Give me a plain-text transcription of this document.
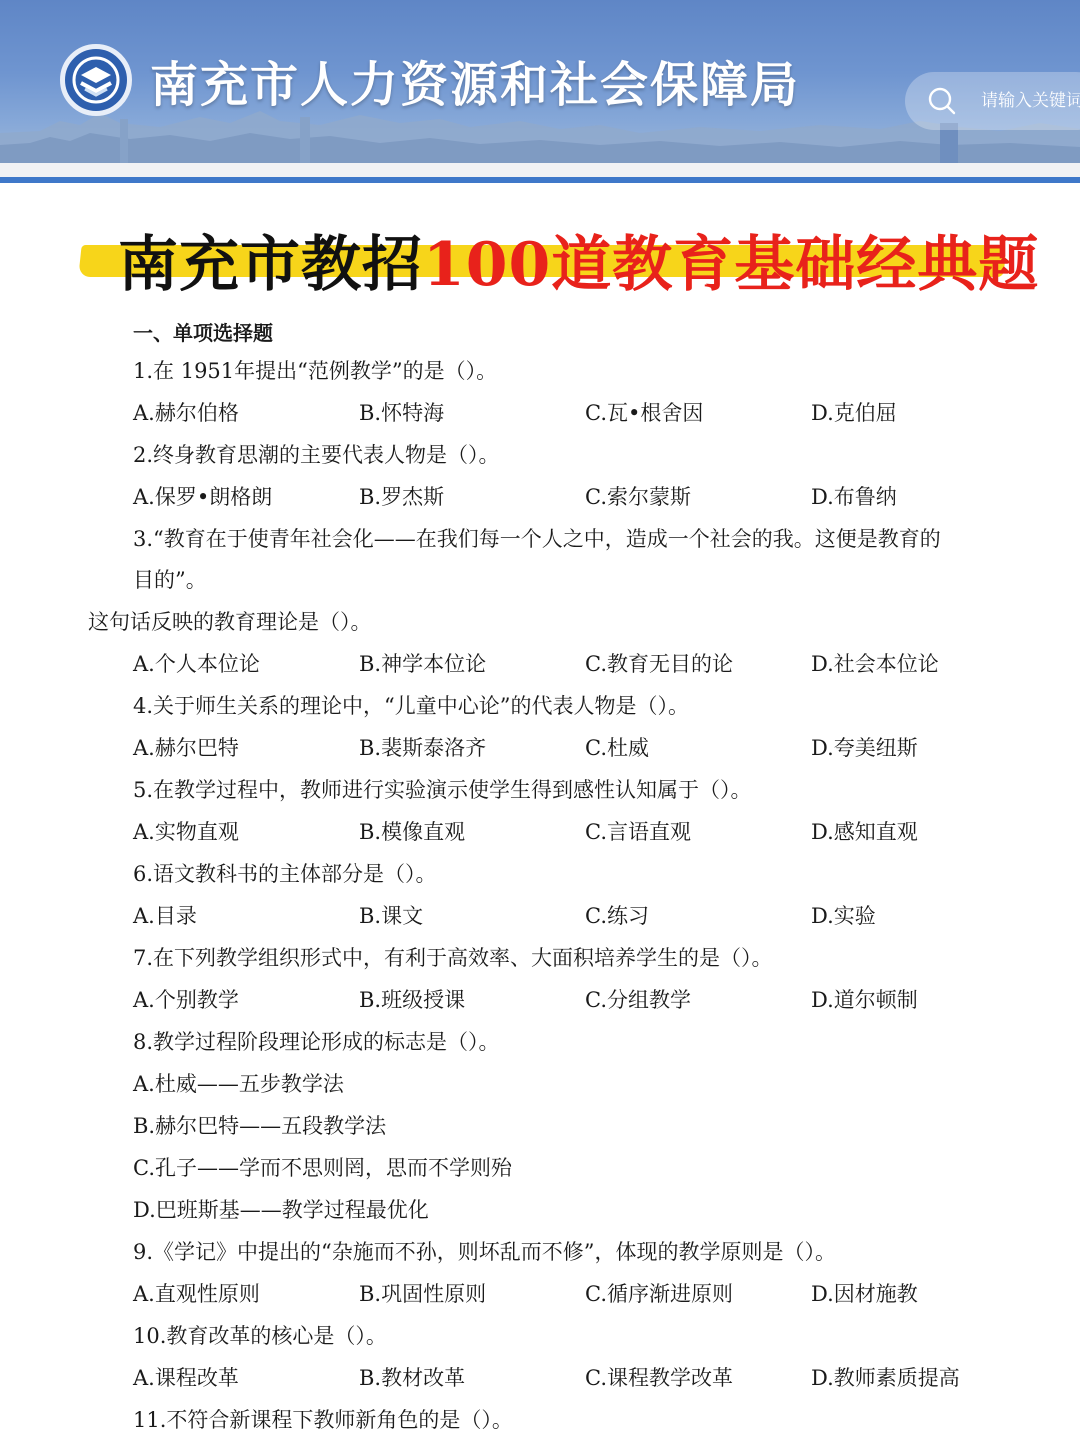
南充市人力资源和社会保障局
请输入关键词
南充市教招100道教育基础经典题
一、单项选择题
1.在 1951年提出“范例教学”的是（）。
A.赫尔伯格	B.怀特海	C.瓦•根舍因	D.克伯屈
2.终身教育思潮的主要代表人物是（）。
A.保罗•朗格朗	B.罗杰斯	C.索尔蒙斯	D.布鲁纳
3.“教育在于使青年社会化——在我们每一个人之中，造成一个社会的我。这便是教育的
目的”。
这句话反映的教育理论是（）。
A.个人本位论	B.神学本位论	C.教育无目的论	D.社会本位论
4.关于师生关系的理论中，“儿童中心论”的代表人物是（）。
A.赫尔巴特	B.裴斯泰洛齐	C.杜威	D.夸美纽斯
5.在教学过程中，教师进行实验演示使学生得到感性认知属于（）。
A.实物直观	B.模像直观	C.言语直观	D.感知直观
6.语文教科书的主体部分是（）。
A.目录	B.课文	C.练习	D.实验
7.在下列教学组织形式中，有利于高效率、大面积培养学生的是（）。
A.个别教学	B.班级授课	C.分组教学	D.道尔顿制
8.教学过程阶段理论形成的标志是（）。
A.杜威——五步教学法
B.赫尔巴特——五段教学法
C.孔子——学而不思则罔，思而不学则殆
D.巴班斯基——教学过程最优化
9.《学记》中提出的“杂施而不孙，则坏乱而不修”，体现的教学原则是（）。
A.直观性原则	B.巩固性原则	C.循序渐进原则	D.因材施教
10.教育改革的核心是（）。
A.课程改革	B.教材改革	C.课程教学改革	D.教师素质提高
11.不符合新课程下教师新角色的是（）。
